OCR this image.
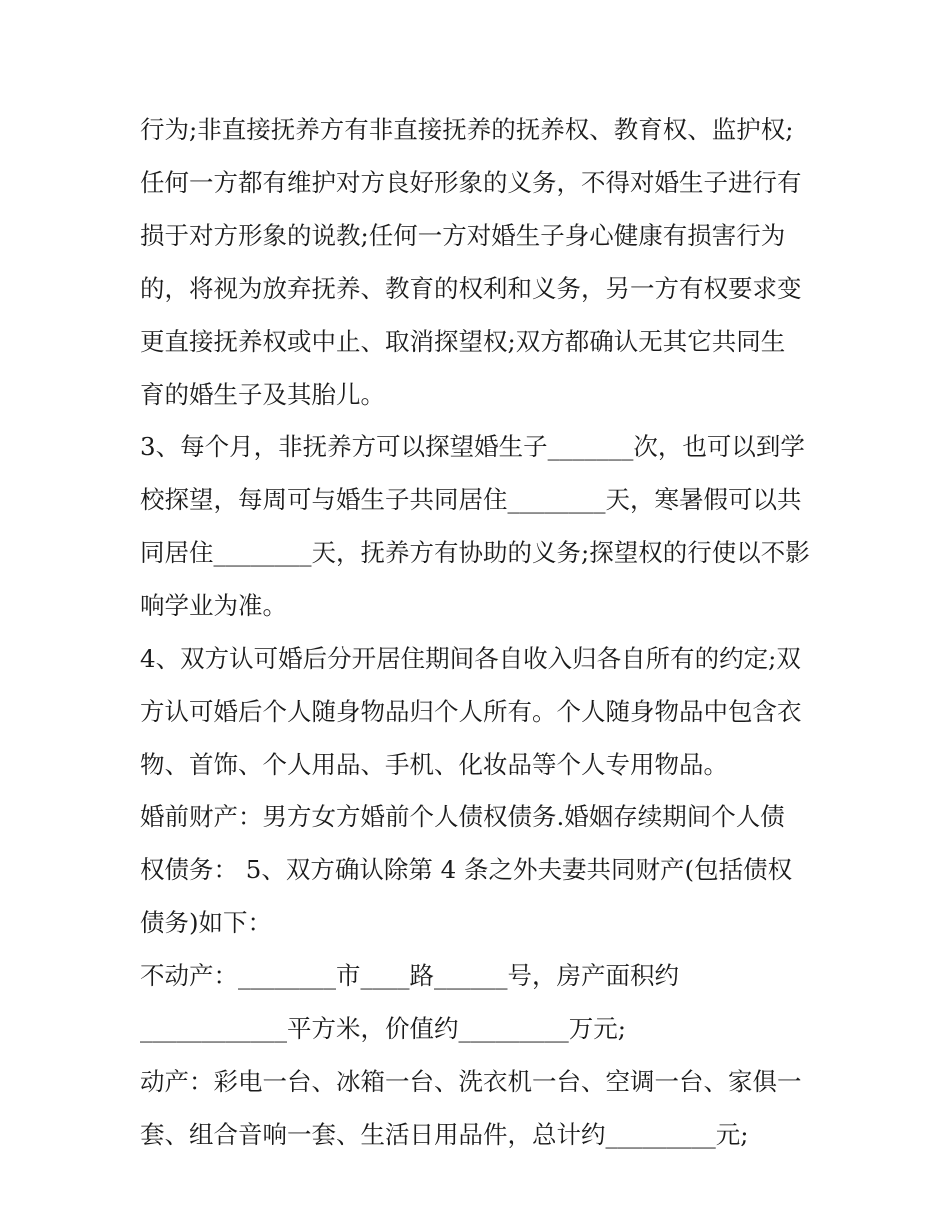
行为;非直接抚养方有非直接抚养的抚养权、教育权、监护权;
任何一方都有维护对方良好形象的义务，不得对婚生子进行有
损于对方形象的说教;任何一方对婚生子身心健康有损害行为
的，将视为放弃抚养、教育的权利和义务，另一方有权要求变
更直接抚养权或中止、取消探望权;双方都确认无其它共同生
育的婚生子及其胎儿。
3、每个月，非抚养方可以探望婚生子_______次，也可以到学
校探望，每周可与婚生子共同居住________天，寒暑假可以共
同居住________天，抚养方有协助的义务;探望权的行使以不影
响学业为准。
4、双方认可婚后分开居住期间各自收入归各自所有的约定;双
方认可婚后个人随身物品归个人所有。个人随身物品中包含衣
物、首饰、个人用品、手机、化妆品等个人专用物品。
婚前财产：男方女方婚前个人债权债务.婚姻存续期间个人债
权债务： 5、双方确认除第 4 条之外夫妻共同财产(包括债权
债务)如下：
不动产：________市____路______号，房产面积约
____________平方米，价值约_________万元;
动产：彩电一台、冰箱一台、洗衣机一台、空调一台、家俱一
套、组合音响一套、生活日用品件，总计约_________元;
